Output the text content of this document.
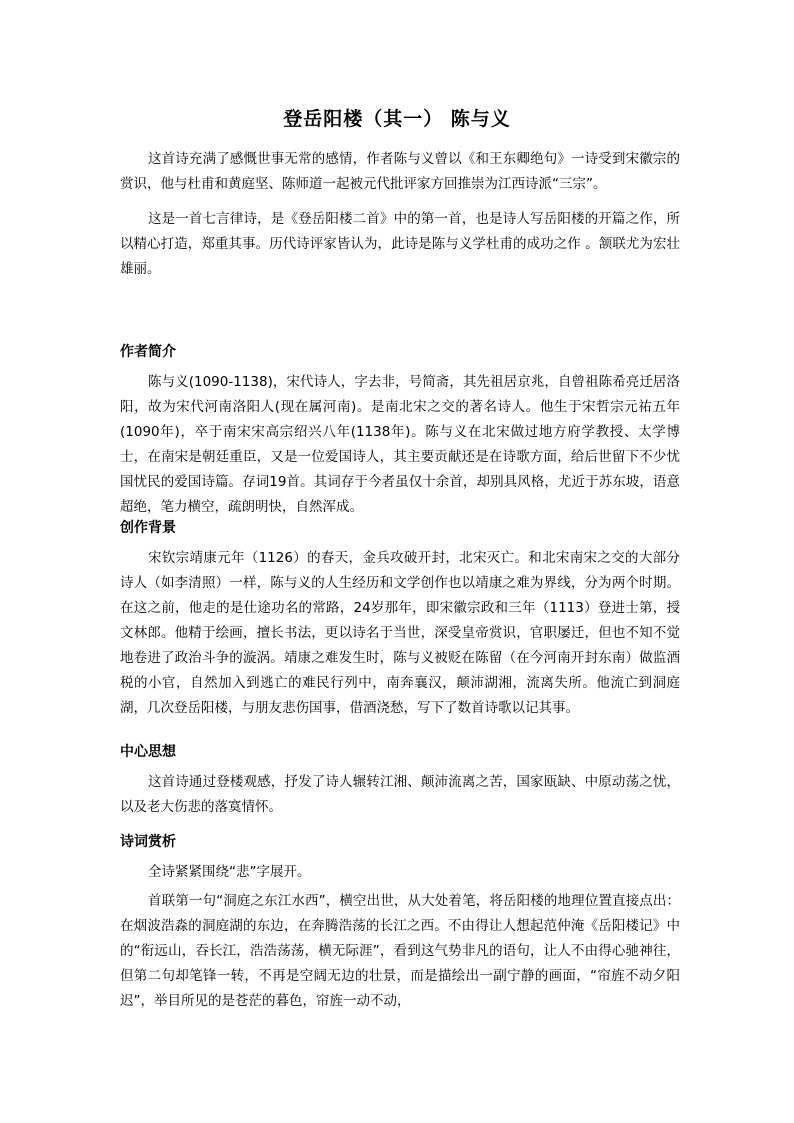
登岳阳楼（其一） 陈与义

这首诗充满了感慨世事无常的感情，作者陈与义曾以《和王东卿绝句》一诗受到宋徽宗的赏识，他与杜甫和黄庭坚、陈师道一起被元代批评家方回推崇为江西诗派“三宗”。

这是一首七言律诗，是《登岳阳楼二首》中的第一首，也是诗人写岳阳楼的开篇之作，所以精心打造，郑重其事。历代诗评家皆认为，此诗是陈与义学杜甫的成功之作 。颔联尤为宏壮雄丽。

作者简介

陈与义(1090-1138)，宋代诗人，字去非，号简斋，其先祖居京兆，自曾祖陈希亮迁居洛阳，故为宋代河南洛阳人(现在属河南)。是南北宋之交的著名诗人。他生于宋哲宗元祐五年(1090年)，卒于南宋宋高宗绍兴八年(1138年)。陈与义在北宋做过地方府学教授、太学博士，在南宋是朝廷重臣，又是一位爱国诗人，其主要贡献还是在诗歌方面，给后世留下不少忧国忧民的爱国诗篇。存词19首。其词存于今者虽仅十余首，却别具风格，尤近于苏东坡，语意超绝，笔力横空，疏朗明快，自然浑成。

创作背景

宋钦宗靖康元年（1126）的春天，金兵攻破开封，北宋灭亡。和北宋南宋之交的大部分诗人（如李清照）一样，陈与义的人生经历和文学创作也以靖康之难为界线，分为两个时期。在这之前，他走的是仕途功名的常路，24岁那年，即宋徽宗政和三年（1113）登进士第，授文林郎。他精于绘画，擅长书法，更以诗名于当世，深受皇帝赏识，官职屡迁，但也不知不觉地卷进了政治斗争的漩涡。靖康之难发生时，陈与义被贬在陈留（在今河南开封东南）做监酒税的小官，自然加入到逃亡的难民行列中，南奔襄汉，颠沛湖湘，流离失所。他流亡到洞庭湖，几次登岳阳楼，与朋友悲伤国事，借酒浇愁，写下了数首诗歌以记其事。

中心思想

这首诗通过登楼观感，抒发了诗人辗转江湘、颠沛流离之苦，国家瓯缺、中原动荡之忧，以及老大伤悲的落寞情怀。

诗词赏析

全诗紧紧围绕“悲”字展开。

首联第一句“洞庭之东江水西”，横空出世，从大处着笔，将岳阳楼的地理位置直接点出：在烟波浩淼的洞庭湖的东边，在奔腾浩荡的长江之西。不由得让人想起范仲淹《岳阳楼记》中的“衔远山，吞长江，浩浩荡荡，横无际涯”，看到这气势非凡的语句，让人不由得心驰神往，但第二句却笔锋一转，不再是空阔无边的壮景，而是描绘出一副宁静的画面，“帘旌不动夕阳迟”，举目所见的是苍茫的暮色，帘旌一动不动，
